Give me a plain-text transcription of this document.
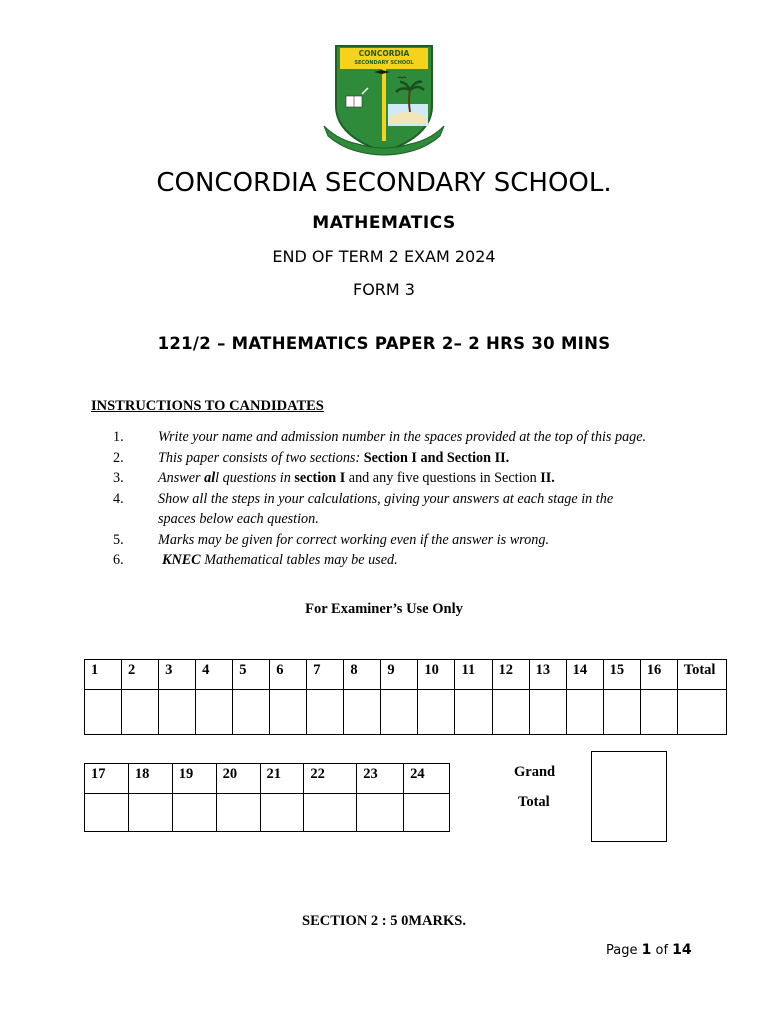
CONCORDIA
SECONDARY SCHOOL
CONCORDIA SECONDARY SCHOOL.
MATHEMATICS
END OF TERM 2 EXAM 2024
FORM 3
121/2 – MATHEMATICS PAPER 2– 2 HRS 30 MINS
INSTRUCTIONS TO CANDIDATES
1.	Write your name and admission number in the spaces provided at the top of this page.
2.	This paper consists of two sections: Section I and Section II.
3.	Answer all questions in section I and any five questions in Section II.
4.	Show all the steps in your calculations, giving your answers at each stage in the spaces below each question.
5.	Marks may be given for correct working even if the answer is wrong.
6.	KNEC Mathematical tables may be used.
For Examiner’s Use Only
1	2	3	4	5	6	7	8	9	10	11	12	13	14	15	16	Total

17	18	19	20	21	22	23	24
								Grand
Total
SECTION 2 : 5 0MARKS.
Page 1 of 14
